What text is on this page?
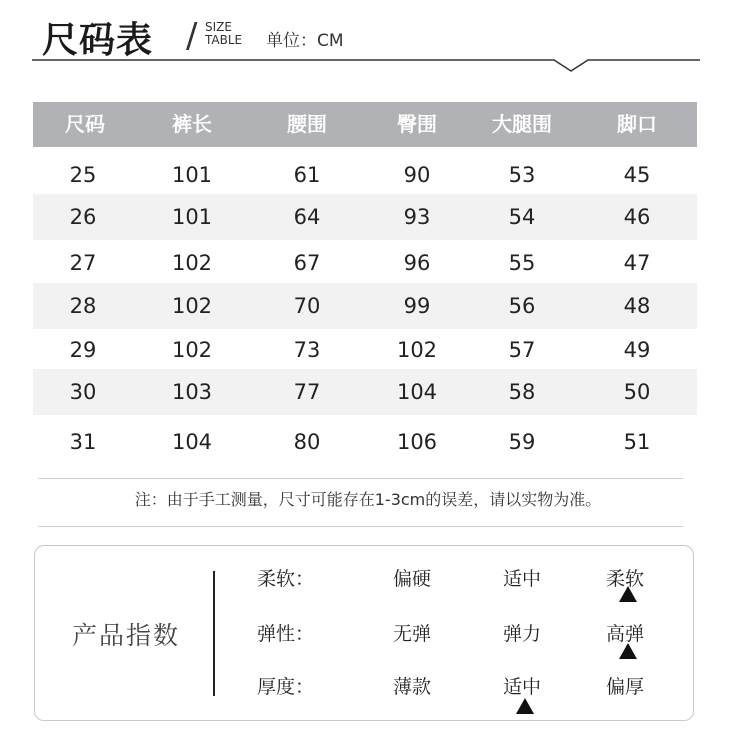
尺码表 / SIZE
TABLE 单位：CM
尺码	裤长	腰围	臀围	大腿围	脚口
25	101	61	90	53	45
26	101	64	93	54	46
27	102	67	96	55	47
28	102	70	99	56	48
29	102	73	102	57	49
30	103	77	104	58	50
31	104	80	106	59	51
注：由于手工测量，尺寸可能存在1-3cm的误差，请以实物为准。
产品指数
柔软：	偏硬	适中	柔软
弹性：	无弹	弹力	高弹
厚度：	薄款	适中	偏厚
